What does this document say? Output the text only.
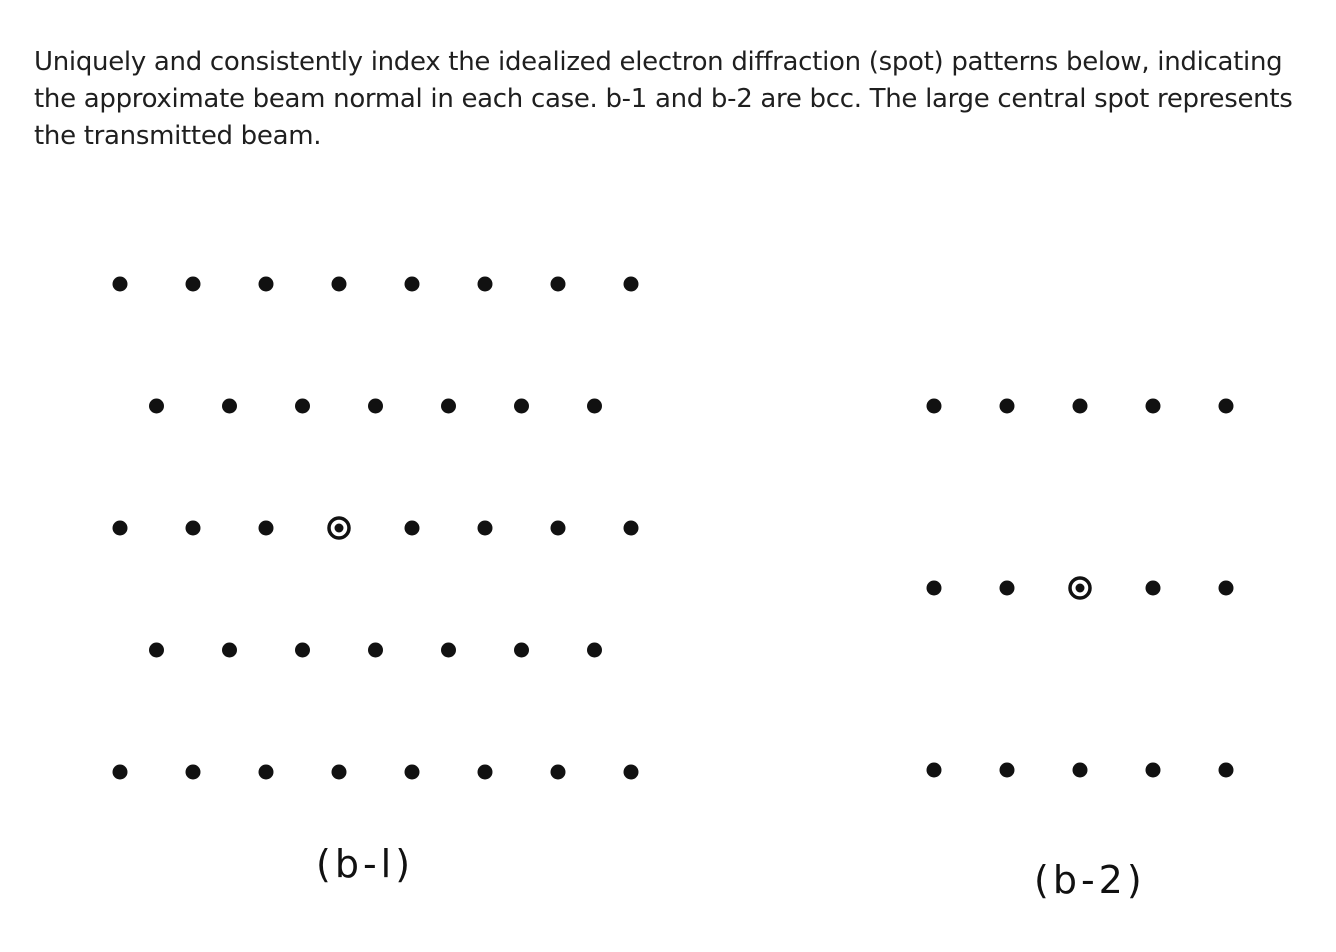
Uniquely and consistently index the idealized electron diffraction (spot) patterns below, indicating the approximate beam normal in each case. b-1 and b-2 are bcc. The large central spot represents the transmitted beam.
(b-l)	(b-2)
